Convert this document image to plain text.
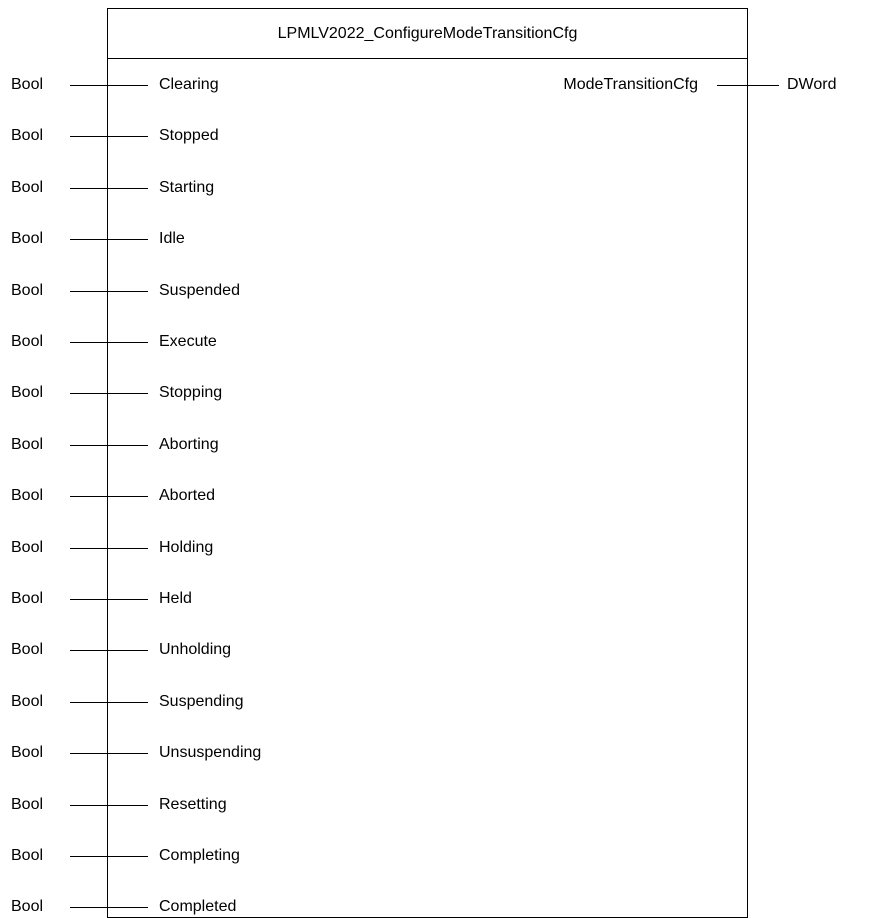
LPMLV2022_ConfigureModeTransitionCfg
Bool	Clearing
Bool	Stopped
Bool	Starting
Bool	Idle
Bool	Suspended
Bool	Execute
Bool	Stopping
Bool	Aborting
Bool	Aborted
Bool	Holding
Bool	Held
Bool	Unholding
Bool	Suspending
Bool	Unsuspending
Bool	Resetting
Bool	Completing
Bool	Completed
ModeTransitionCfg	DWord
